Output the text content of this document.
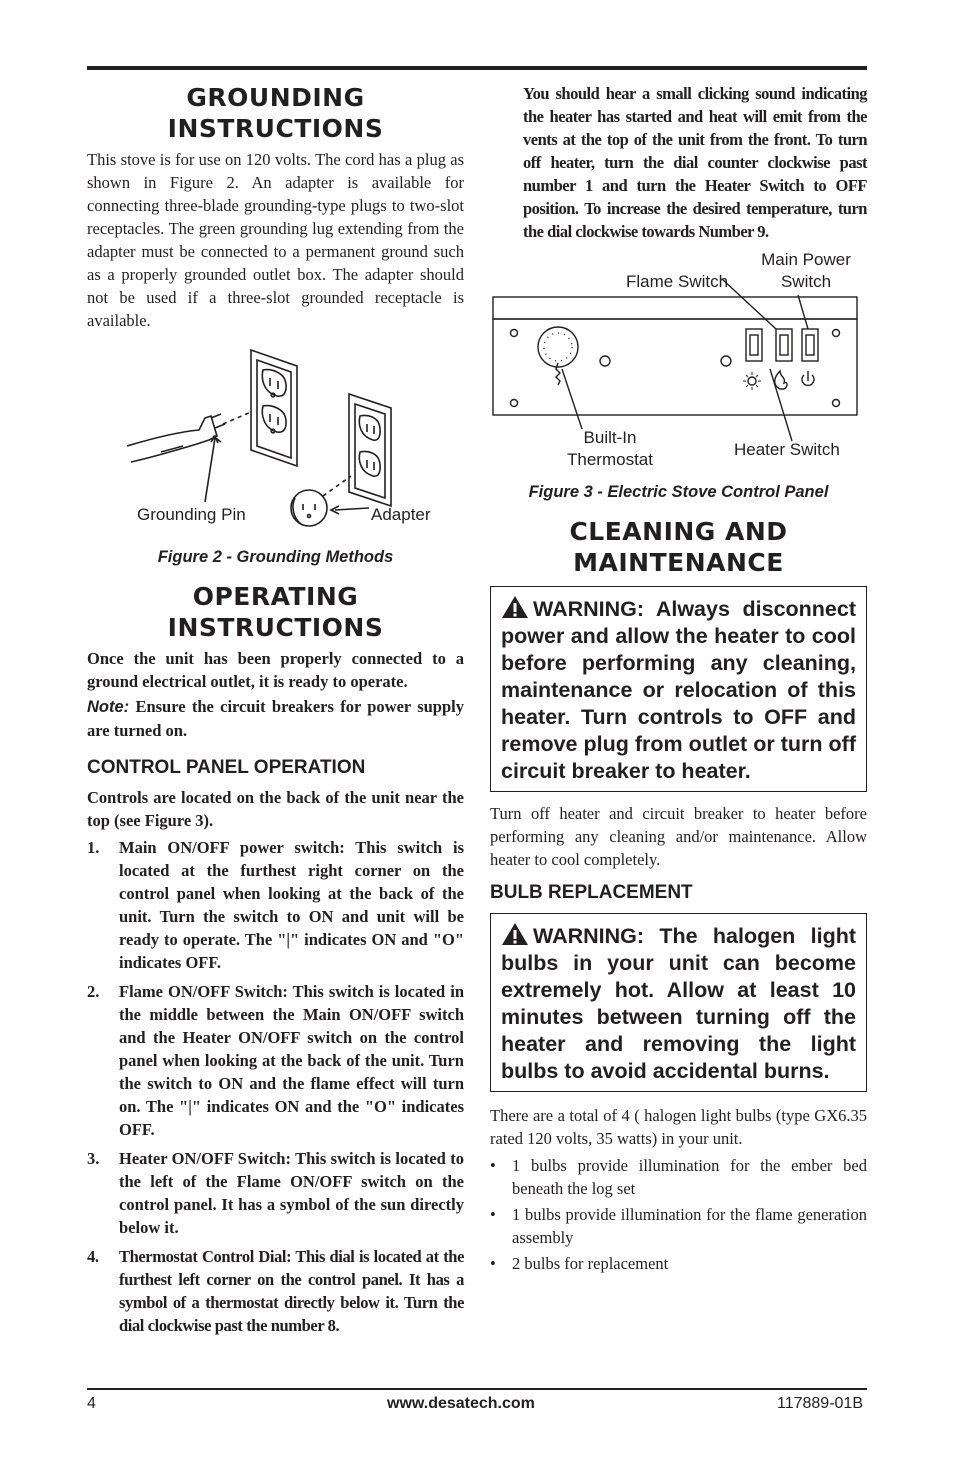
GROUNDING
INSTRUCTIONS

This stove is for use on 120 volts. The cord has a plug as shown in Figure 2. An adapter is available for connecting three-blade grounding-type plugs to two-slot receptacles. The green grounding lug extending from the adapter must be connected to a permanent ground such as a properly grounded outlet box. The adapter should not be used if a three-slot grounded receptacle is available.

Grounding Pin	Adapter

Figure 2 - Grounding Methods

OPERATING
INSTRUCTIONS

Once the unit has been properly connected to a ground electrical outlet, it is ready to operate.

Note: Ensure the circuit breakers for power supply are turned on.

CONTROL PANEL OPERATION

Controls are located on the back of the unit near the top (see Figure 3).

1. Main ON/OFF power switch: This switch is located at the furthest right corner on the control panel when looking at the back of the unit. Turn the switch to ON and unit will be ready to operate. The "|" indicates ON and "O" indicates OFF.
2. Flame ON/OFF Switch: This switch is located in the middle between the Main ON/OFF switch and the Heater ON/OFF switch on the control panel when looking at the back of the unit. Turn the switch to ON and the flame effect will turn on. The "|" indicates ON and the "O" indicates OFF.
3. Heater ON/OFF Switch: This switch is located to the left of the Flame ON/OFF switch on the control panel. It has a symbol of the sun directly below it.
4. Thermostat Control Dial: This dial is located at the furthest left corner on the control panel. It has a symbol of a thermostat directly below it. Turn the dial clockwise past the number 8.

You should hear a small clicking sound indicating the heater has started and heat will emit from the vents at the top of the unit from the front. To turn off heater, turn the dial counter clockwise past number 1 and turn the Heater Switch to OFF position. To increase the desired temperature, turn the dial clockwise towards Number 9.

Main Power
Switch
Flame Switch
Built-In
Thermostat
Heater Switch

Figure 3 - Electric Stove Control Panel

CLEANING AND
MAINTENANCE

WARNING: Always disconnect power and allow the heater to cool before performing any cleaning, maintenance or relocation of this heater. Turn controls to OFF and remove plug from outlet or turn off circuit breaker to heater.

Turn off heater and circuit breaker to heater before performing any cleaning and/or maintenance. Allow heater to cool completely.

BULB REPLACEMENT

WARNING: The halogen light bulbs in your unit can become extremely hot. Allow at least 10 minutes between turning off the heater and removing the light bulbs to avoid accidental burns.

There are a total of 4 ( halogen light bulbs (type GX6.35 rated 120 volts, 35 watts) in your unit.

• 1 bulbs provide illumination for the ember bed beneath the log set
• 1 bulbs provide illumination for the flame generation assembly
• 2 bulbs for replacement
4	www.desatech.com	117889-01B
